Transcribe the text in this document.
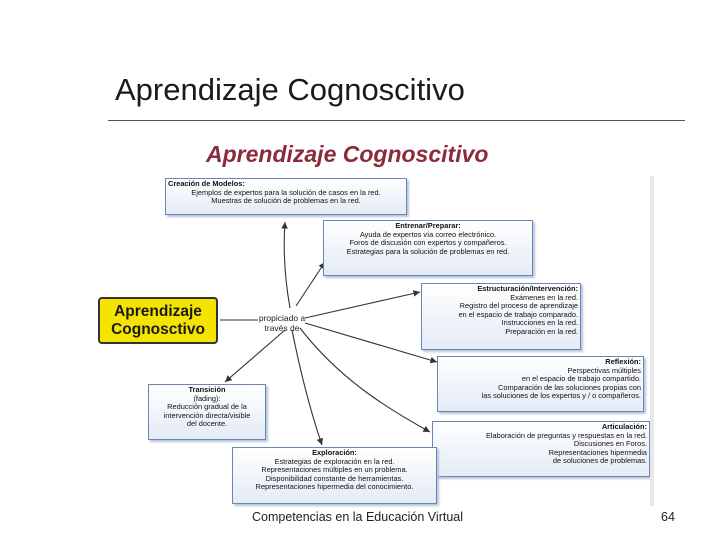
Aprendizaje Cognoscitivo
Aprendizaje Cognoscitivo
Creación de Modelos:
Ejemplos de expertos para la solución de casos en la red.
Muestras de solución de problemas en la red.
Entrenar/Preparar:
Ayuda de expertos vía correo electrónico.
Foros de discusión con expertos y compañeros.
Estrategias para la solución de problemas en red.
Estructuración/Intervención:
Exámenes en la red.
Registro del proceso de aprendizaje
en el espacio de trabajo comparado.
Instrucciones en la red.
Preparación en la red.
Reflexión:
Perspectivas múltiples
en el espacio de trabajo compartido.
Comparación de las soluciones propias con
las soluciones de los expertos y / o compañeros.
Articulación:
Elaboración de preguntas y respuestas en la red.
Discusiones en Foros.
Representaciones hipermedia
de soluciones de problemas.
Exploración:
Estrategias de exploración en la red.
Representaciones múltiples en un problema.
Disponibilidad constante de herramientas.
Representaciones hipermedia del conocimiento.
Transición
(fading):
Reducción gradual de la
intervención directa/visible
del docente.
Aprendizaje
Cognosctivo
propiciado a
través de
Competencias en la Educación Virtual	64
